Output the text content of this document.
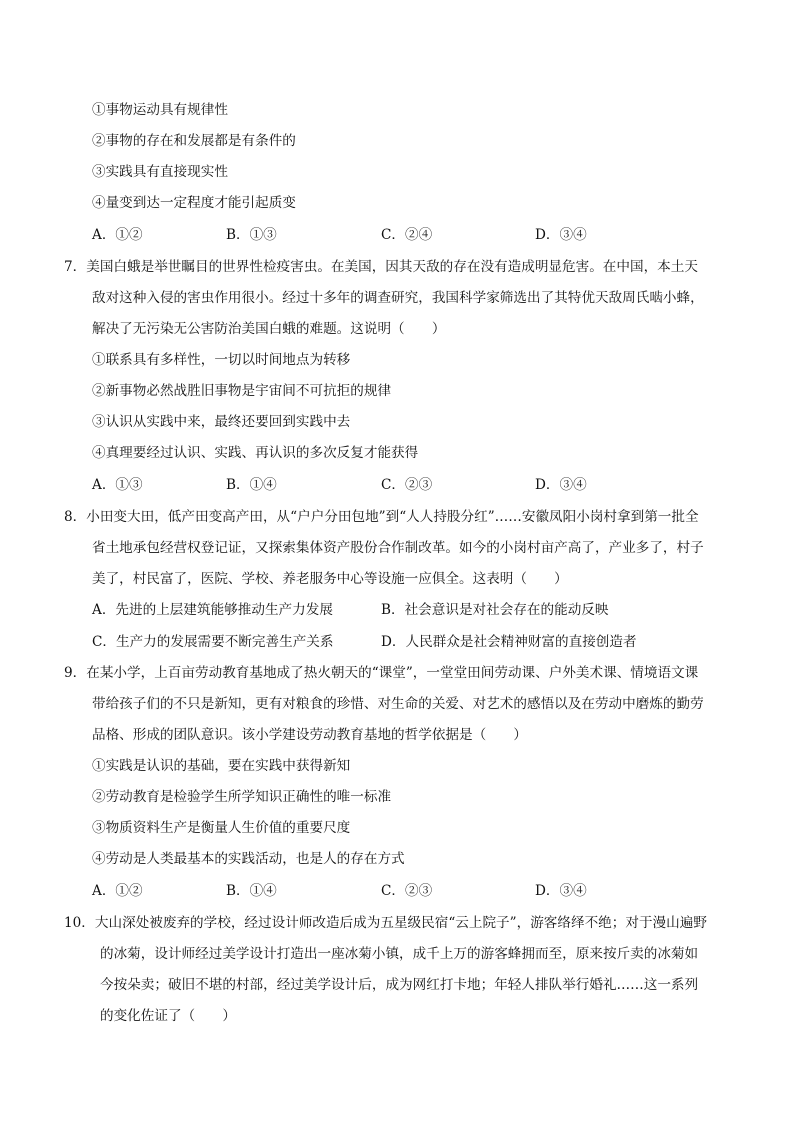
①事物运动具有规律性
②事物的存在和发展都是有条件的
③实践具有直接现实性
④量变到达一定程度才能引起质变
A．①②	B．①③	C．②④	D．③④
7．美国白蛾是举世瞩目的世界性检疫害虫。在美国，因其天敌的存在没有造成明显危害。在中国，本土天
敌对这种入侵的害虫作用很小。经过十多年的调查研究，我国科学家筛选出了其特优天敌周氏啮小蜂，
解决了无污染无公害防治美国白蛾的难题。这说明（　　）
①联系具有多样性，一切以时间地点为转移
②新事物必然战胜旧事物是宇宙间不可抗拒的规律
③认识从实践中来，最终还要回到实践中去
④真理要经过认识、实践、再认识的多次反复才能获得
A．①③	B．①④	C．②③	D．③④
8．小田变大田，低产田变高产田，从“户户分田包地”到“人人持股分红”……安徽凤阳小岗村拿到第一批全
省土地承包经营权登记证，又探索集体资产股份合作制改革。如今的小岗村亩产高了，产业多了，村子
美了，村民富了，医院、学校、养老服务中心等设施一应俱全。这表明（　　）
A．先进的上层建筑能够推动生产力发展	B．社会意识是对社会存在的能动反映
C．生产力的发展需要不断完善生产关系	D．人民群众是社会精神财富的直接创造者
9．在某小学，上百亩劳动教育基地成了热火朝天的“课堂”，一堂堂田间劳动课、户外美术课、情境语文课
带给孩子们的不只是新知，更有对粮食的珍惜、对生命的关爱、对艺术的感悟以及在劳动中磨炼的勤劳
品格、形成的团队意识。该小学建设劳动教育基地的哲学依据是（　　）
①实践是认识的基础，要在实践中获得新知
②劳动教育是检验学生所学知识正确性的唯一标准
③物质资料生产是衡量人生价值的重要尺度
④劳动是人类最基本的实践活动，也是人的存在方式
A．①②	B．①④	C．②③	D．③④
10．大山深处被废弃的学校，经过设计师改造后成为五星级民宿“云上院子”，游客络绎不绝；对于漫山遍野
的冰菊，设计师经过美学设计打造出一座冰菊小镇，成千上万的游客蜂拥而至，原来按斤卖的冰菊如
今按朵卖；破旧不堪的村部，经过美学设计后，成为网红打卡地；年轻人排队举行婚礼……这一系列
的变化佐证了（　　）
